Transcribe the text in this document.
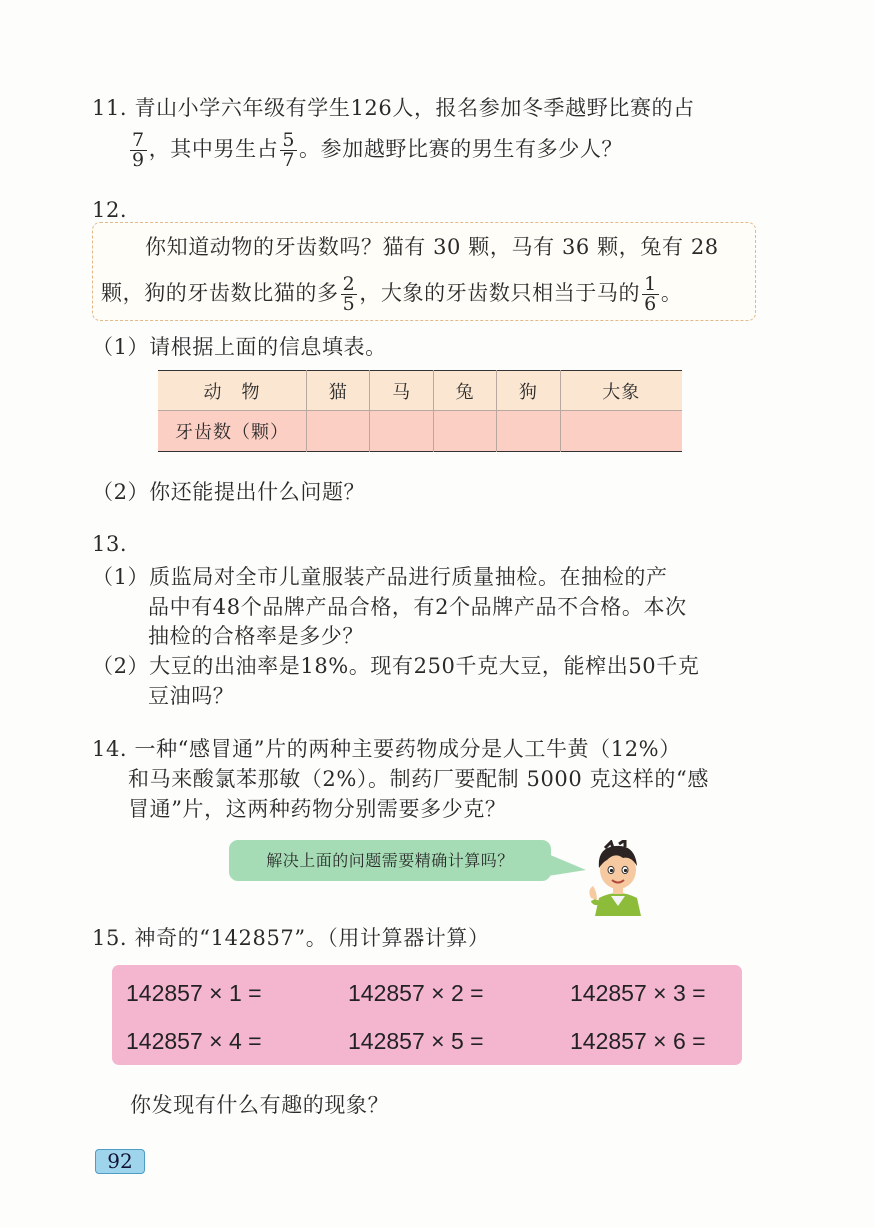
11. 青山小学六年级有学生126人，报名参加冬季越野比赛的占
$\frac{7}{9}$ ，其中男生占 $\frac{5}{7}$ 。参加越野比赛的男生有多少人？
12.
你知道动物的牙齿数吗？猫有 30 颗，马有 36 颗，兔有 28
颗，狗的牙齿数比猫的多 $\frac{2}{5}$ ，大象的牙齿数只相当于马的 $\frac{1}{6}$ 。
（1）请根据上面的信息填表。
动　物	猫	马	兔	狗	大象
牙齿数（颗）					
（2）你还能提出什么问题？
13.
（1）质监局对全市儿童服装产品进行质量抽检。在抽检的产
品中有48个品牌产品合格，有2个品牌产品不合格。本次
抽检的合格率是多少？
（2）大豆的出油率是18%。现有250千克大豆，能榨出50千克
豆油吗？
14. 一种“感冒通”片的两种主要药物成分是人工牛黄（12%）
和马来酸氯苯那敏（2%）。制药厂要配制 5000 克这样的“感
冒通”片，这两种药物分别需要多少克？
解决上面的问题需要精确计算吗？
15. 神奇的“142857”。（用计算器计算）
142857 × 1 =	142857 × 2 =	142857 × 3 =
142857 × 4 =	142857 × 5 =	142857 × 6 =
你发现有什么有趣的现象？
92
